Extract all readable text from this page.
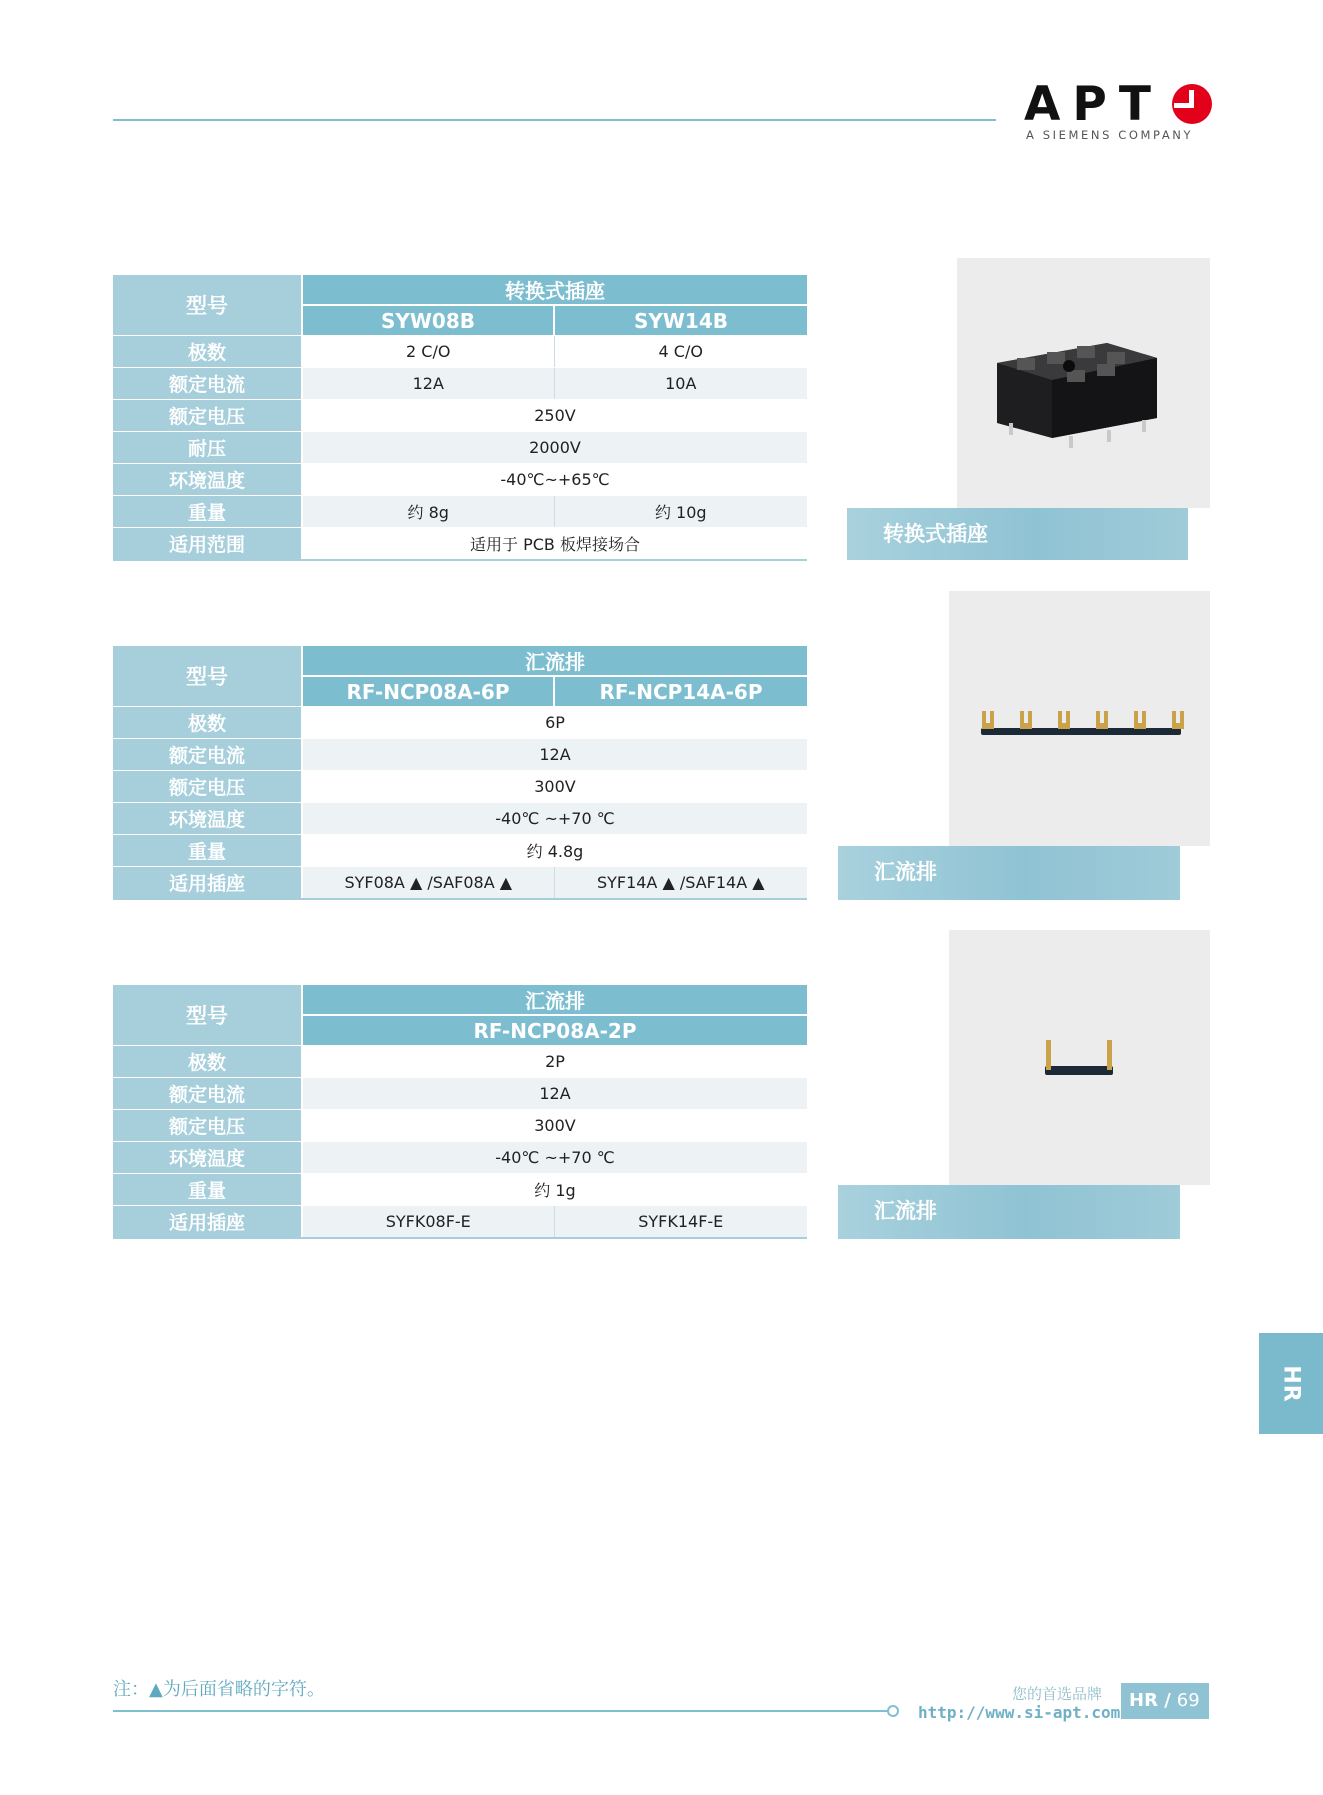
APT
A SIEMENS COMPANY
型号	转换式插座	
	SYW08B	SYW14B
极数	2 C/O	4 C/O
额定电流	12A	10A
额定电压	250V	
耐压	2000V	
环境温度	-40℃~+65℃	
重量	约 8g	约 10g
适用范围	适用于 PCB 板焊接场合	
型号	汇流排	
	RF-NCP08A-6P	RF-NCP14A-6P
极数	6P	
额定电流	12A	
额定电压	300V	
环境温度	-40℃ ~+70 ℃	
重量	约 4.8g	
适用插座	SYF08A ▲ /SAF08A ▲	SYF14A ▲ /SAF14A ▲
型号	汇流排	
	RF-NCP08A-2P	
极数	2P	
额定电流	12A	
额定电压	300V	
环境温度	-40℃ ~+70 ℃	
重量	约 1g	
适用插座	SYFK08F-E	SYFK14F-E
转换式插座
汇流排
汇流排
HR
注：▲为后面省略的字符。	您的首选品牌
http://www.si-apt.com
HR / 69
